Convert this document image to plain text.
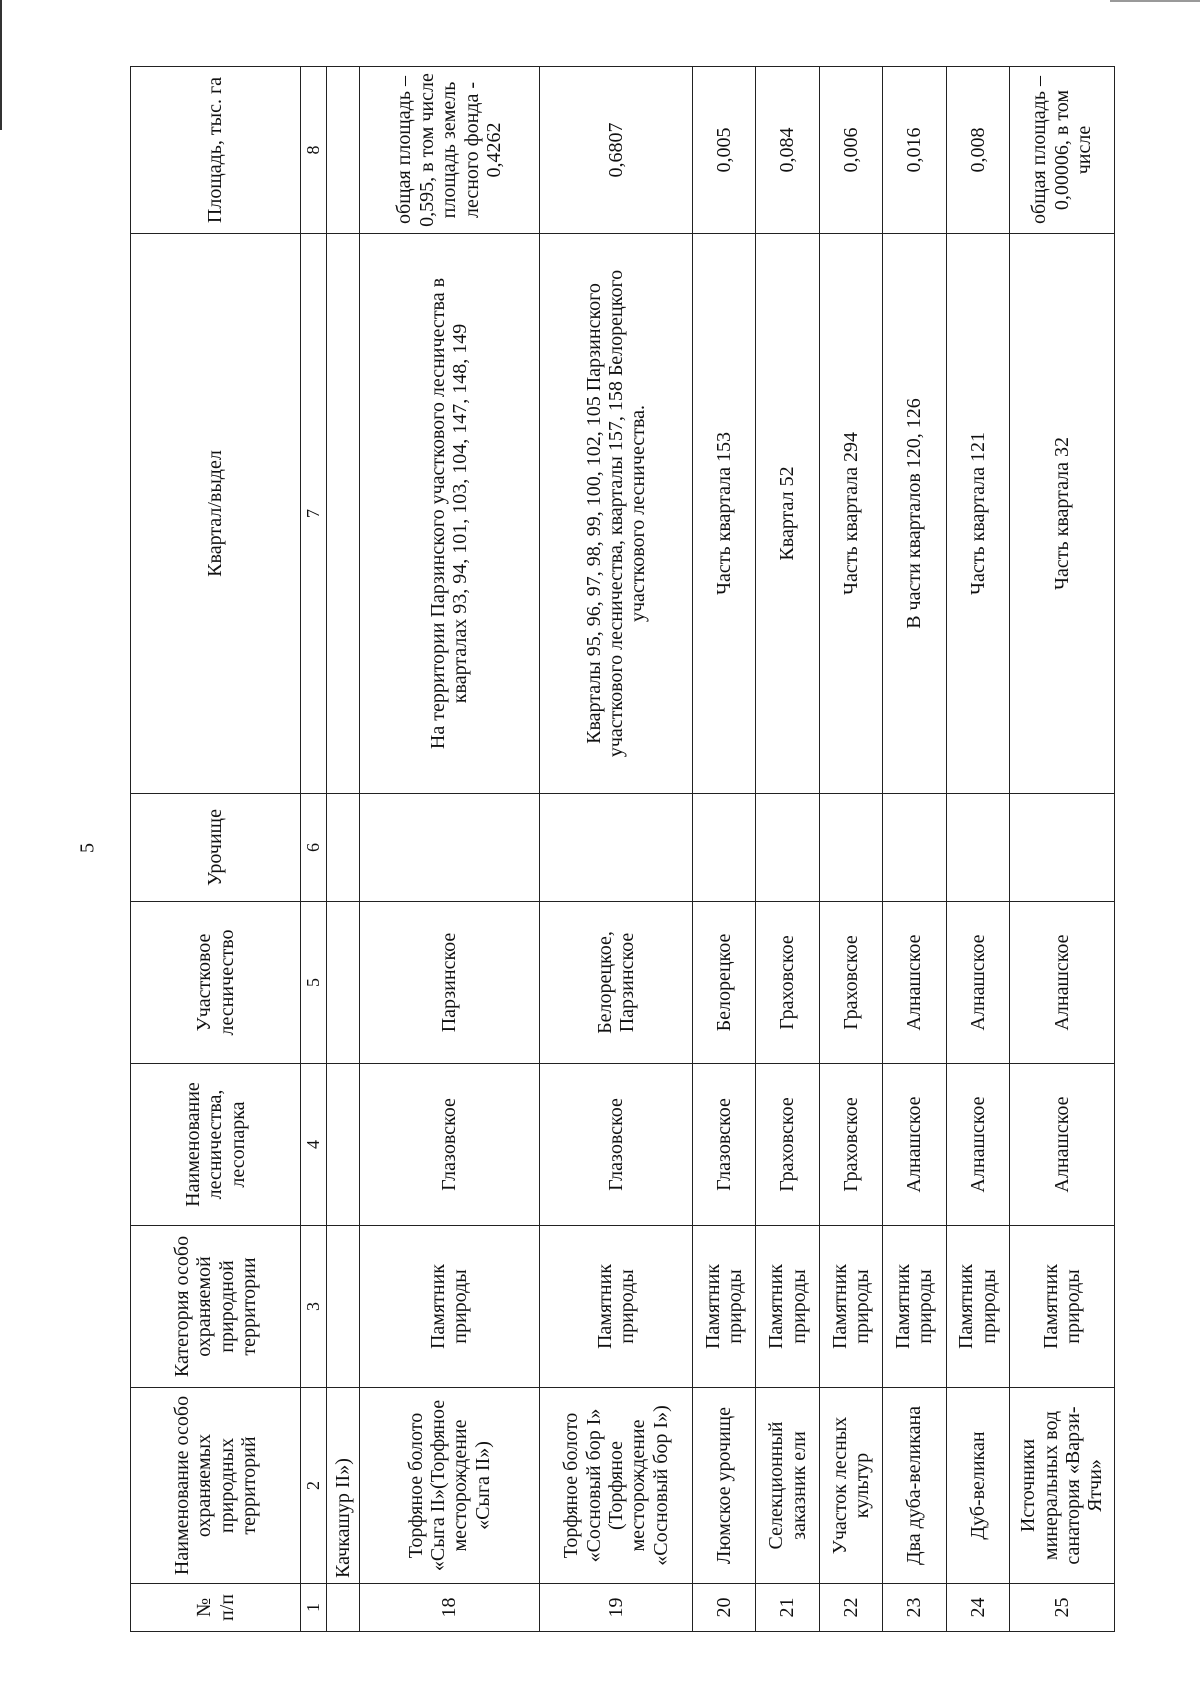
5
№ п/п	Наименование особо охраняемых природных территорий	Категория особо охраняемой природной территории	Наименование лесничества, лесопарка	Участковое лесничество	Урочище	Квартал/выдел	Площадь, тыс. га
1	2	3	4	5	6	7	8
	Качкашур II»)						
18	Торфяное болото «Сыга II»(Торфяное месторождение «Сыга II»)	Памятник природы	Глазовское	Парзинское		На территории Парзинского участкового лесничества в кварталах 93, 94, 101, 103, 104, 147, 148, 149	общая площадь – 0,595, в том числе площадь земель лесного фонда - 0,4262
19	Торфяное болото «Сосновый бор I» (Торфяное месторождение «Сосновый бор I»)	Памятник природы	Глазовское	Белорецкое, Парзинское		Кварталы 95, 96, 97, 98, 99, 100, 102, 105 Парзинского участкового лесничества, кварталы 157, 158 Белорецкого участкового лесничества.	0,6807
20	Люмское урочище	Памятник природы	Глазовское	Белорецкое		Часть квартала 153	0,005
21	Селекционный заказник ели	Памятник природы	Граховское	Граховское		Квартал 52	0,084
22	Участок лесных культур	Памятник природы	Граховское	Граховское		Часть квартала 294	0,006
23	Два дуба-великана	Памятник природы	Алнашское	Алнашское		В части кварталов 120, 126	0,016
24	Дуб-великан	Памятник природы	Алнашское	Алнашское		Часть квартала 121	0,008
25	Источники минеральных вод санатория «Варзи-Ятчи»	Памятник природы	Алнашское	Алнашское		Часть квартала 32	общая площадь – 0,00006, в том числе
